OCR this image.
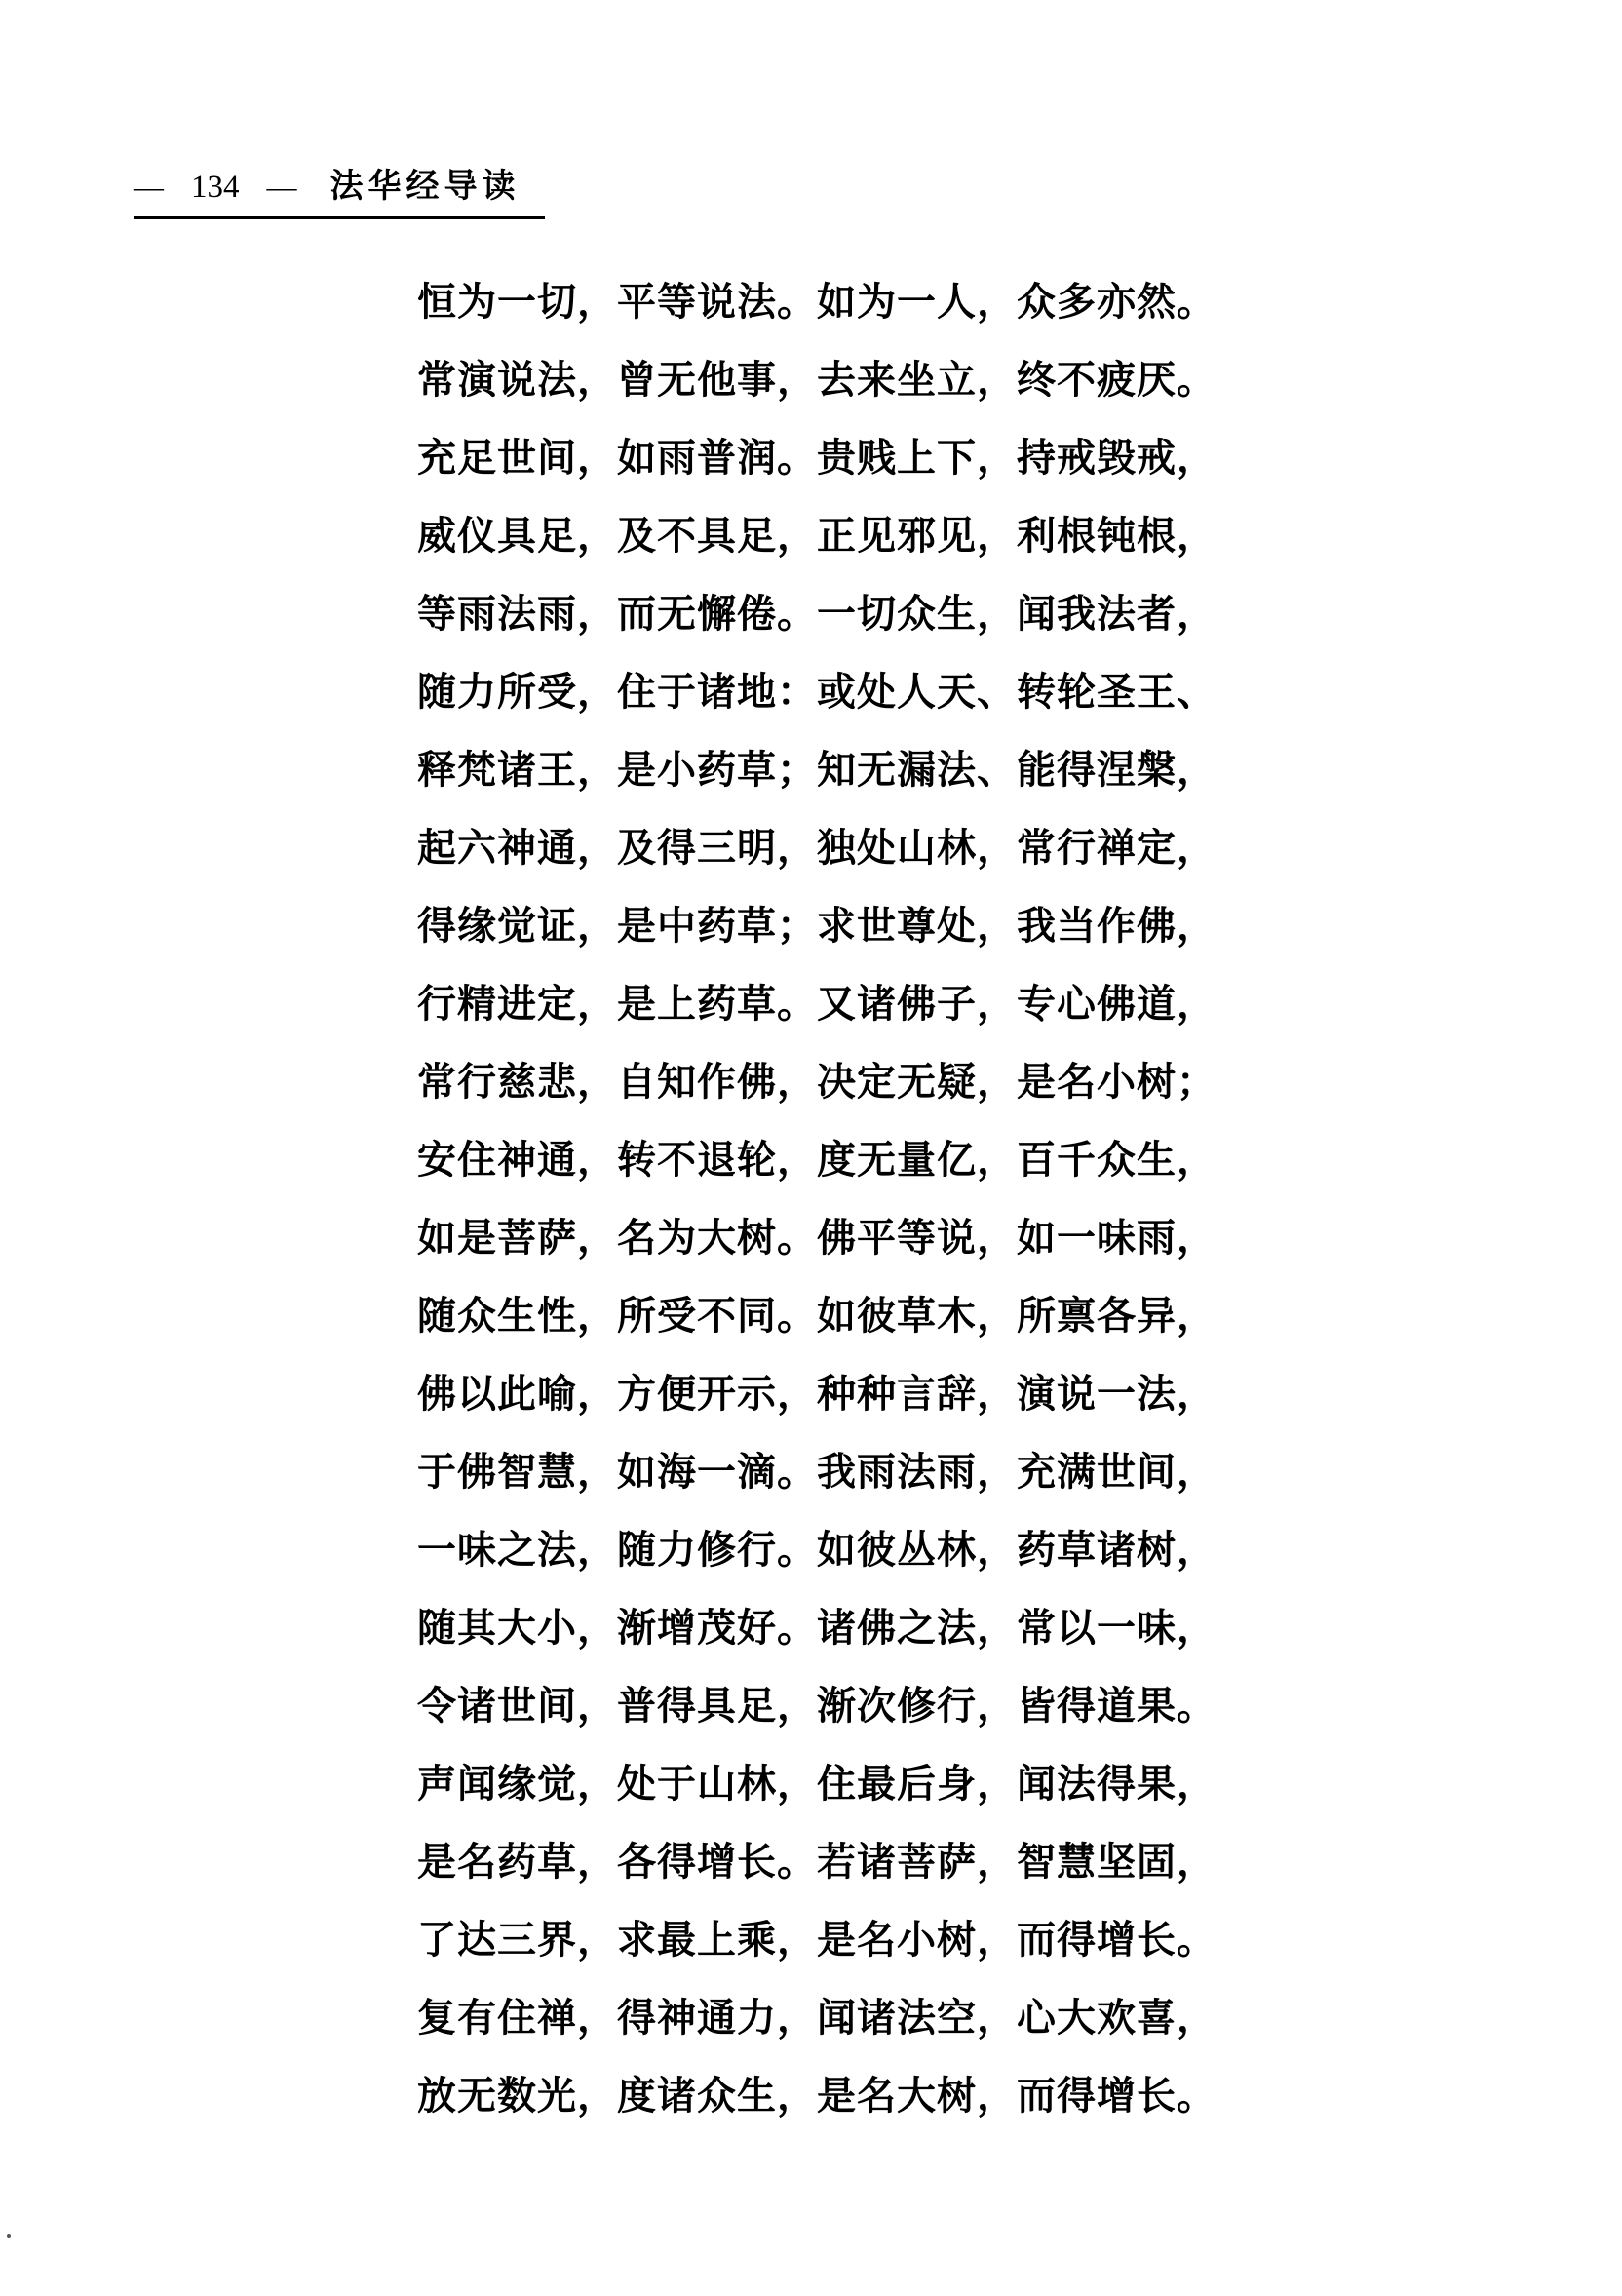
— 134 — 法华经导读
恒为一切，平等说法。如为一人，众多亦然。
常演说法，曾无他事，去来坐立，终不疲厌。
充足世间，如雨普润。贵贱上下，持戒毁戒，
威仪具足，及不具足，正见邪见，利根钝根，
等雨法雨，而无懈倦。一切众生，闻我法者，
随力所受，住于诸地：或处人天、转轮圣王、
释梵诸王，是小药草；知无漏法、能得涅槃，
起六神通，及得三明，独处山林，常行禅定，
得缘觉证，是中药草；求世尊处，我当作佛，
行精进定，是上药草。又诸佛子，专心佛道，
常行慈悲，自知作佛，决定无疑，是名小树；
安住神通，转不退轮，度无量亿，百千众生，
如是菩萨，名为大树。佛平等说，如一味雨，
随众生性，所受不同。如彼草木，所禀各异，
佛以此喻，方便开示，种种言辞，演说一法，
于佛智慧，如海一滴。我雨法雨，充满世间，
一味之法，随力修行。如彼丛林，药草诸树，
随其大小，渐增茂好。诸佛之法，常以一味，
令诸世间，普得具足，渐次修行，皆得道果。
声闻缘觉，处于山林，住最后身，闻法得果，
是名药草，各得增长。若诸菩萨，智慧坚固，
了达三界，求最上乘，是名小树，而得增长。
复有住禅，得神通力，闻诸法空，心大欢喜，
放无数光，度诸众生，是名大树，而得增长。
